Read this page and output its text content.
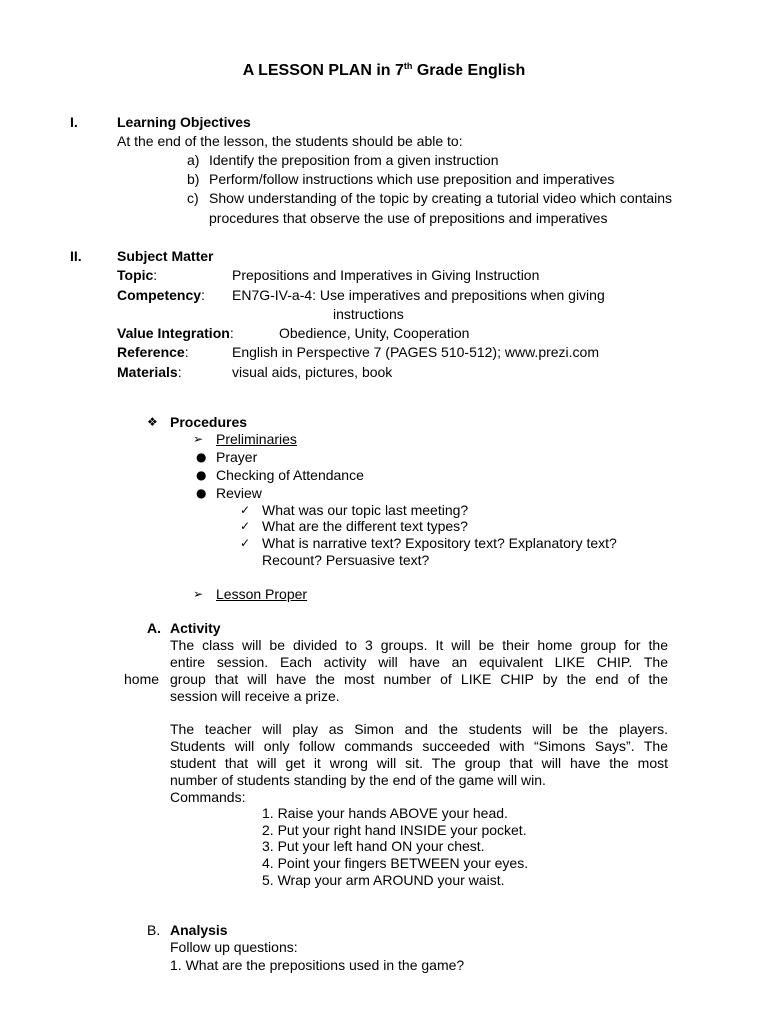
A LESSON PLAN in 7th Grade English
I.	Learning Objectives
At the end of the lesson, the students should be able to:
a) Identify the preposition from a given instruction
b) Perform/follow instructions which use preposition and imperatives
c) Show understanding of the topic by creating a tutorial video which contains
procedures that observe the use of prepositions and imperatives
II.	Subject Matter
Topic:	Prepositions and Imperatives in Giving Instruction
Competency: EN7G-IV-a-4: Use imperatives and prepositions when giving
instructions
Value Integration:	Obedience, Unity, Cooperation
Reference:	English in Perspective 7 (PAGES 510-512); www.prezi.com
Materials:	visual aids, pictures, book
❖ Procedures
➢ Preliminaries
● Prayer
● Checking of Attendance
● Review
✓ What was our topic last meeting?
✓ What are the different text types?
✓ What is narrative text? Expository text? Explanatory text?
Recount? Persuasive text?
➢ Lesson Proper
A. Activity
The class will be divided to 3 groups. It will be their home group for the
entire session. Each activity will have an equivalent LIKE CHIP. The
home group that will have the most number of LIKE CHIP by the end of the
session will receive a prize.
The teacher will play as Simon and the students will be the players.
Students will only follow commands succeeded with “Simons Says”. The
student that will get it wrong will sit. The group that will have the most
number of students standing by the end of the game will win.
Commands:
1. Raise your hands ABOVE your head.
2. Put your right hand INSIDE your pocket.
3. Put your left hand ON your chest.
4. Point your fingers BETWEEN your eyes.
5. Wrap your arm AROUND your waist.
B. Analysis
Follow up questions:
1. What are the prepositions used in the game?
